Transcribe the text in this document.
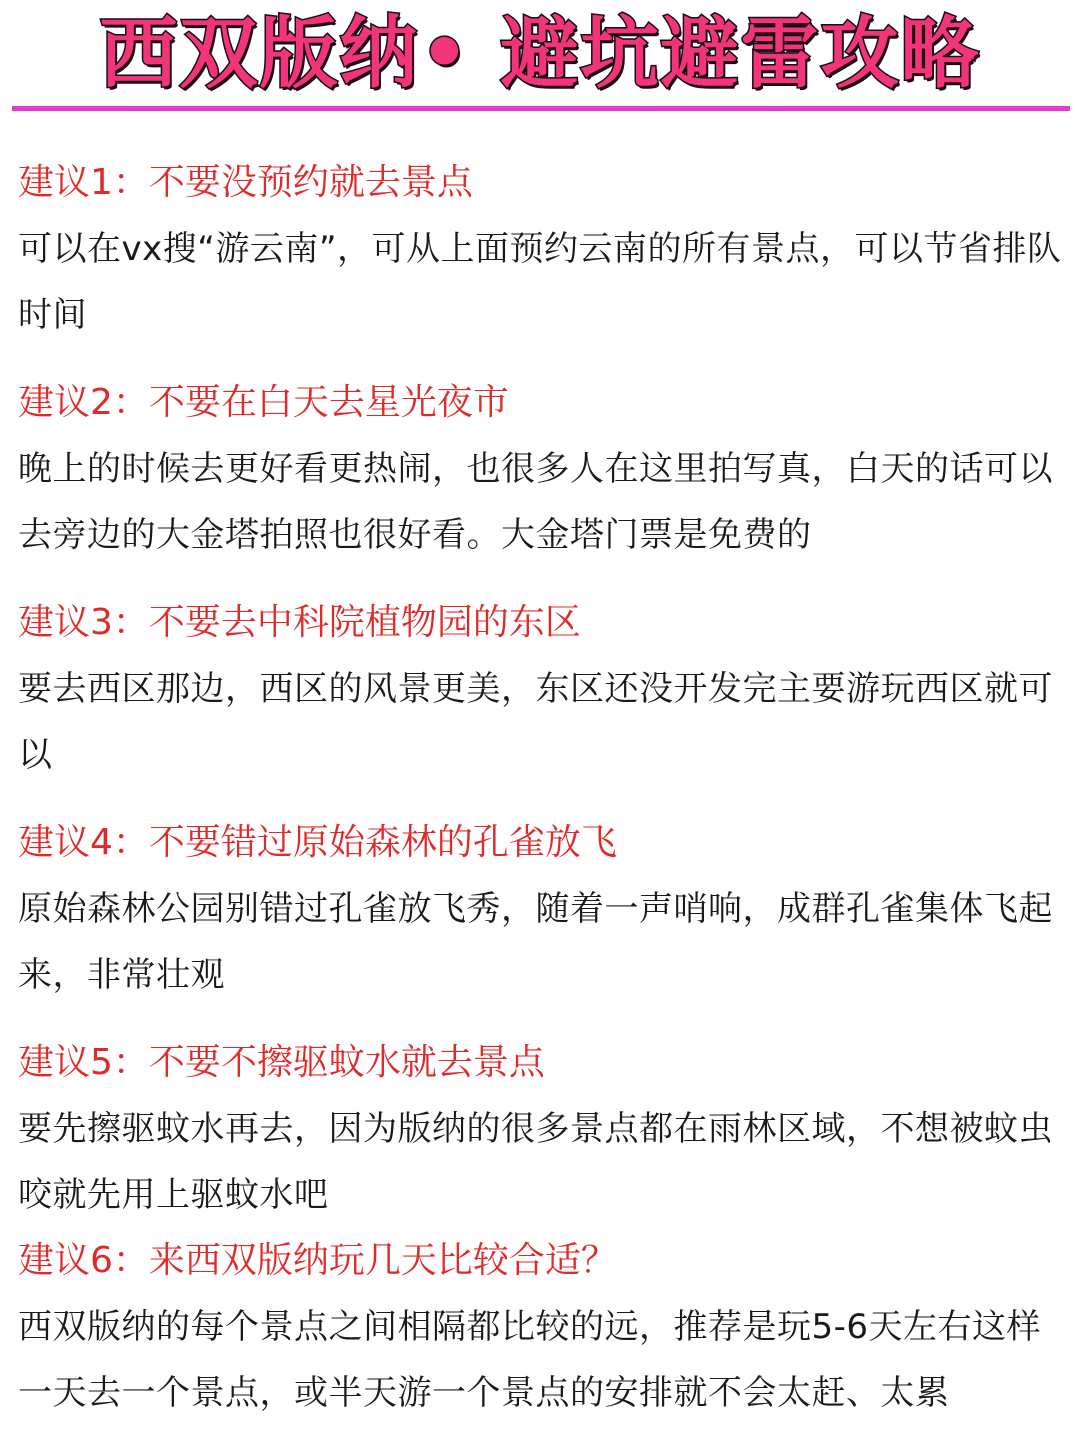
西双版纳• 避坑避雷攻略
建议1：不要没预约就去景点
可以在vx搜“游云南”，可从上面预约云南的所有景点，可以节省排队时间
建议2：不要在白天去星光夜市
晚上的时候去更好看更热闹，也很多人在这里拍写真，白天的话可以去旁边的大金塔拍照也很好看。大金塔门票是免费的
建议3：不要去中科院植物园的东区
要去西区那边，西区的风景更美，东区还没开发完主要游玩西区就可以
建议4：不要错过原始森林的孔雀放飞
原始森林公园别错过孔雀放飞秀，随着一声哨响，成群孔雀集体飞起来，非常壮观
建议5：不要不擦驱蚊水就去景点
要先擦驱蚊水再去，因为版纳的很多景点都在雨林区域，不想被蚊虫咬就先用上驱蚊水吧
建议6：来西双版纳玩几天比较合适？
西双版纳的每个景点之间相隔都比较的远，推荐是玩5-6天左右这样一天去一个景点，或半天游一个景点的安排就不会太赶、太累
